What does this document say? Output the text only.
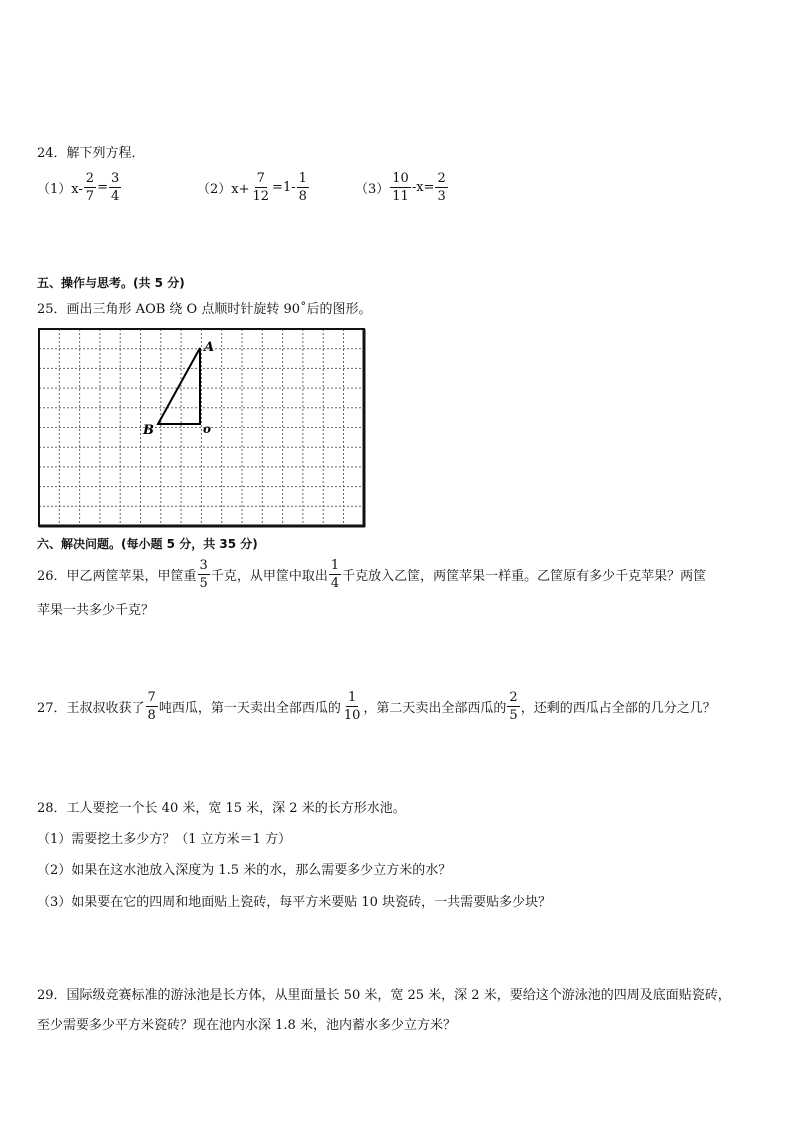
24．解下列方程．
$(1)x- \frac{2}{7} = \frac{3}{4}$	$(2)x+ \frac{7}{12} =1- \frac{1}{8}$	$(3) \frac{10}{11} -x= \frac{2}{3}$
五、操作与思考。(共 5 分)
25．画出三角形 AOB 绕 O 点顺时针旋转 90˚后的图形。
A
B	o
六、解决问题。(每小题 5 分，共 35 分)
26．甲乙两筐苹果，甲筐重 $\frac{3}{5}$ 千克，从甲筐中取出 $\frac{1}{4}$ 千克放入乙筐，两筐苹果一样重。乙筐原有多少千克苹果？两筐
苹果一共多少千克？
27．王叔叔收获了 $\frac{7}{8}$ 吨西瓜，第一天卖出全部西瓜的 $\frac{1}{10}$ ，第二天卖出全部西瓜的 $\frac{2}{5}$ ，还剩的西瓜占全部的几分之几？
28．工人要挖一个长 40 米，宽 15 米，深 2 米的长方形水池。
（1）需要挖土多少方？（1 立方米＝1 方）
（2）如果在这水池放入深度为 1.5 米的水，那么需要多少立方米的水？
（3）如果要在它的四周和地面贴上瓷砖，每平方米要贴 10 块瓷砖，一共需要贴多少块？
29．国际级竞赛标准的游泳池是长方体，从里面量长 50 米，宽 25 米，深 2 米，要给这个游泳池的四周及底面贴瓷砖，
至少需要多少平方米瓷砖？现在池内水深 1.8 米，池内蓄水多少立方米？
